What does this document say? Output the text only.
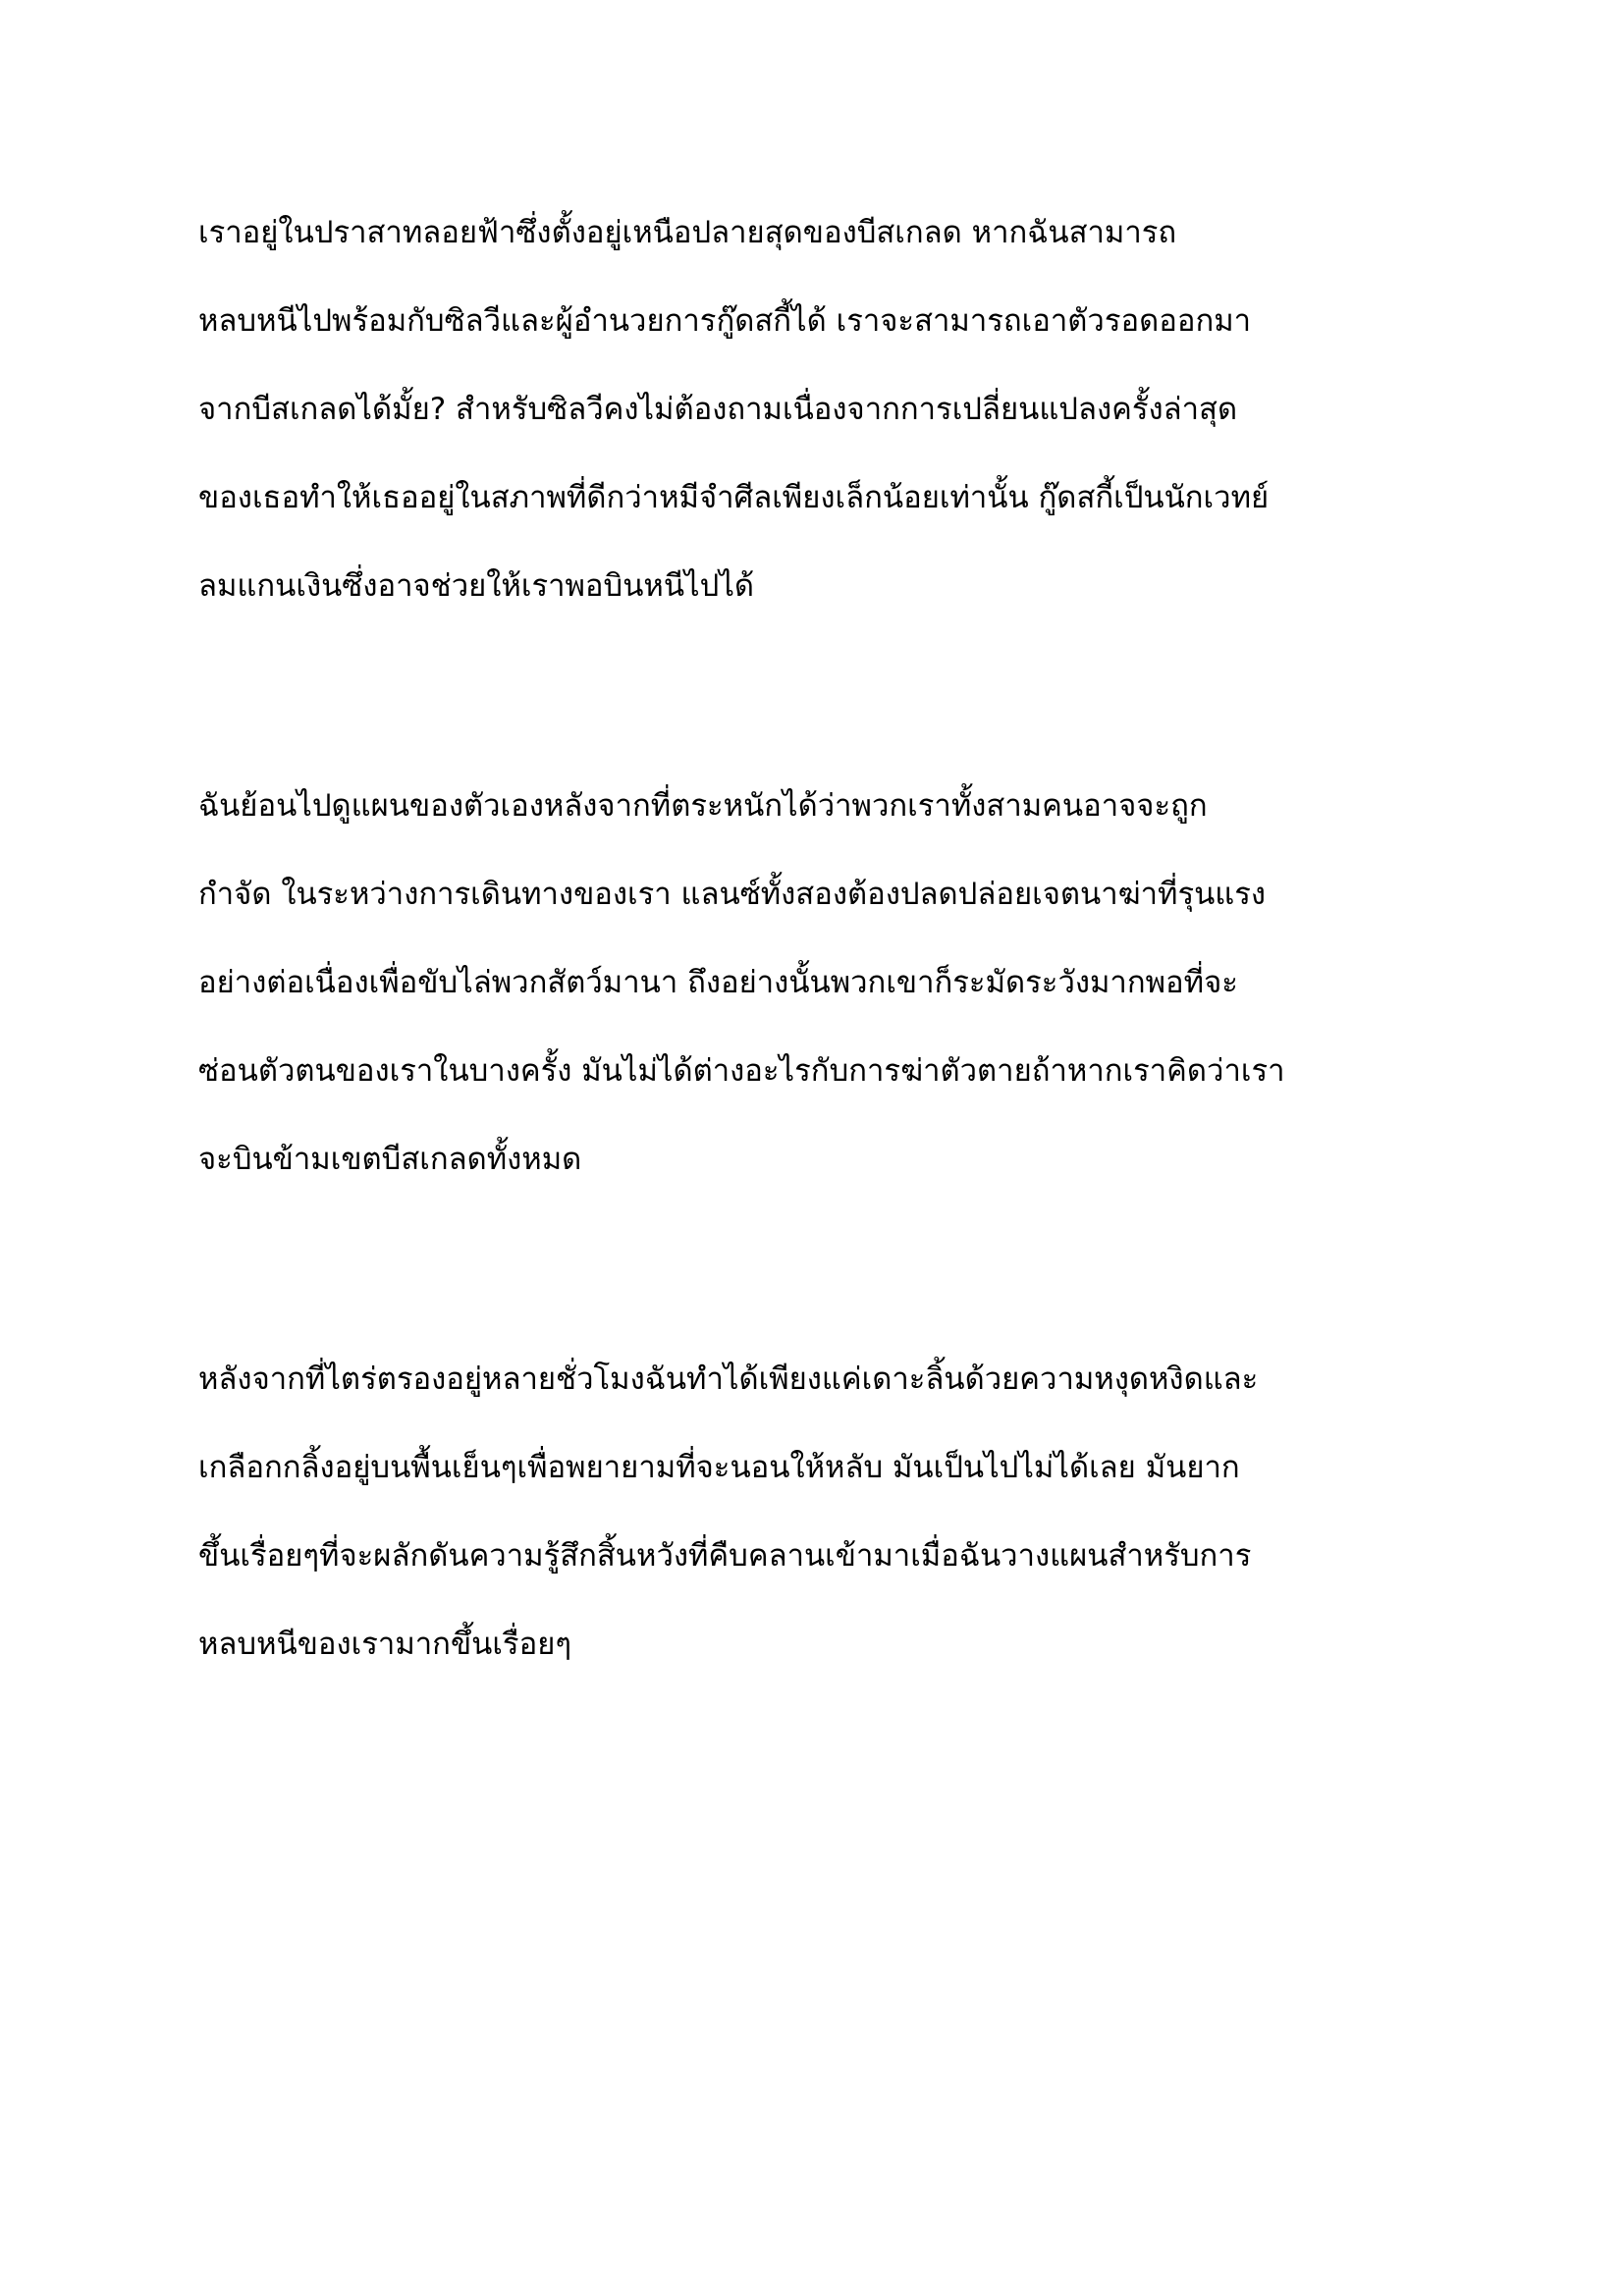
เราอยู่ในปราสาทลอยฟ้าซึ่งตั้งอยู่เหนือปลายสุดของบีสเกลด หากฉันสามารถ
หลบหนีไปพร้อมกับซิลวีและผู้อำนวยการกู๊ดสกี้ได้ เราจะสามารถเอาตัวรอดออกมา
จากบีสเกลดได้มั้ย? สำหรับซิลวีคงไม่ต้องถามเนื่องจากการเปลี่ยนแปลงครั้งล่าสุด
ของเธอทำให้เธออยู่ในสภาพที่ดีกว่าหมีจำศีลเพียงเล็กน้อยเท่านั้น กู๊ดสกี้เป็นนักเวทย์
ลมแกนเงินซึ่งอาจช่วยให้เราพอบินหนีไปได้
ฉันย้อนไปดูแผนของตัวเองหลังจากที่ตระหนักได้ว่าพวกเราทั้งสามคนอาจจะถูก
กำจัด ในระหว่างการเดินทางของเรา แลนซ์ทั้งสองต้องปลดปล่อยเจตนาฆ่าที่รุนแรง
อย่างต่อเนื่องเพื่อขับไล่พวกสัตว์มานา ถึงอย่างนั้นพวกเขาก็ระมัดระวังมากพอที่จะ
ซ่อนตัวตนของเราในบางครั้ง มันไม่ได้ต่างอะไรกับการฆ่าตัวตายถ้าหากเราคิดว่าเรา
จะบินข้ามเขตบีสเกลดทั้งหมด
หลังจากที่ไตร่ตรองอยู่หลายชั่วโมงฉันทำได้เพียงแค่เดาะลิ้นด้วยความหงุดหงิดและ
เกลือกกลิ้งอยู่บนพื้นเย็นๆเพื่อพยายามที่จะนอนให้หลับ มันเป็นไปไม่ได้เลย มันยาก
ขึ้นเรื่อยๆที่จะผลักดันความรู้สึกสิ้นหวังที่คืบคลานเข้ามาเมื่อฉันวางแผนสำหรับการ
หลบหนีของเรามากขึ้นเรื่อยๆ
